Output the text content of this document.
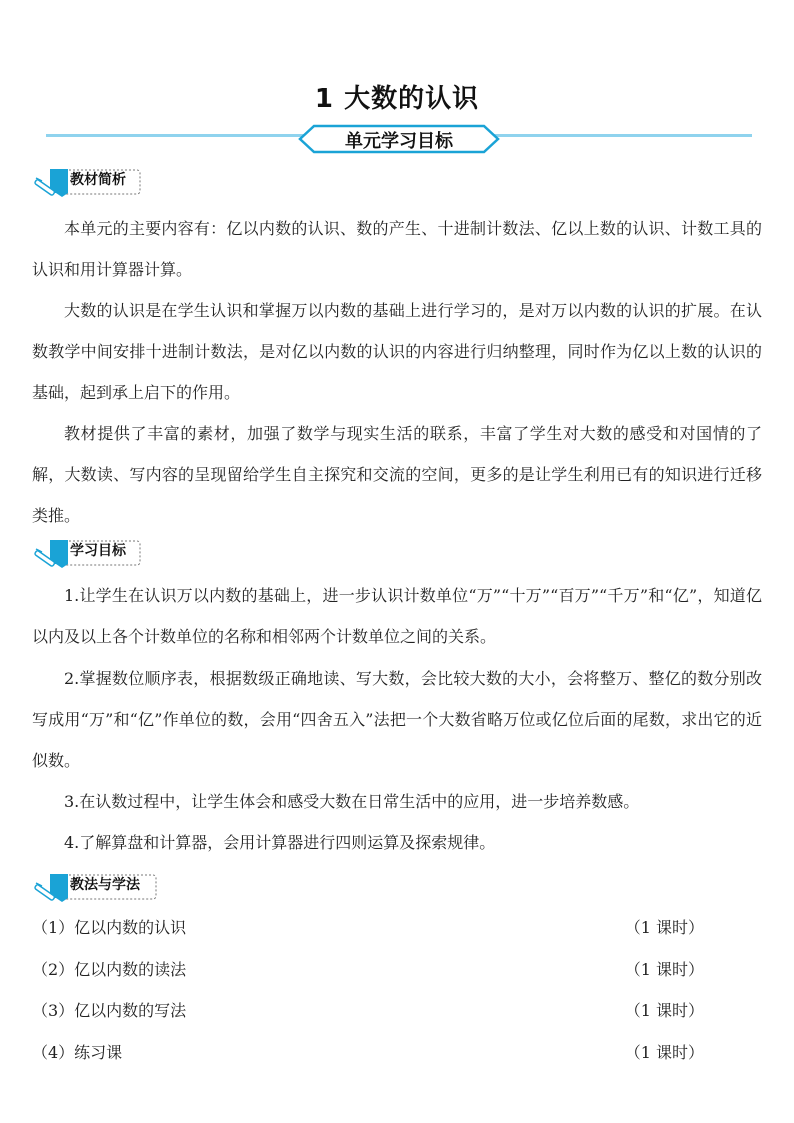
1 大数的认识
单元学习目标
教材简析

本单元的主要内容有：亿以内数的认识、数的产生、十进制计数法、亿以上数的认识、计数工具的认识和用计算器计算。

大数的认识是在学生认识和掌握万以内数的基础上进行学习的，是对万以内数的认识的扩展。在认数教学中间安排十进制计数法，是对亿以内数的认识的内容进行归纳整理，同时作为亿以上数的认识的基础，起到承上启下的作用。

教材提供了丰富的素材，加强了数学与现实生活的联系，丰富了学生对大数的感受和对国情的了解，大数读、写内容的呈现留给学生自主探究和交流的空间，更多的是让学生利用已有的知识进行迁移类推。

学习目标

1.让学生在认识万以内数的基础上，进一步认识计数单位“万”“十万”“百万”“千万”和“亿”，知道亿以内及以上各个计数单位的名称和相邻两个计数单位之间的关系。

2.掌握数位顺序表，根据数级正确地读、写大数，会比较大数的大小，会将整万、整亿的数分别改写成用“万”和“亿”作单位的数，会用“四舍五入”法把一个大数省略万位或亿位后面的尾数，求出它的近似数。

3.在认数过程中，让学生体会和感受大数在日常生活中的应用，进一步培养数感。

4.了解算盘和计算器，会用计算器进行四则运算及探索规律。

教法与学法
（1）亿以内数的认识	（1 课时）
（2）亿以内数的读法	（1 课时）
（3）亿以内数的写法	（1 课时）
（4）练习课	（1 课时）
